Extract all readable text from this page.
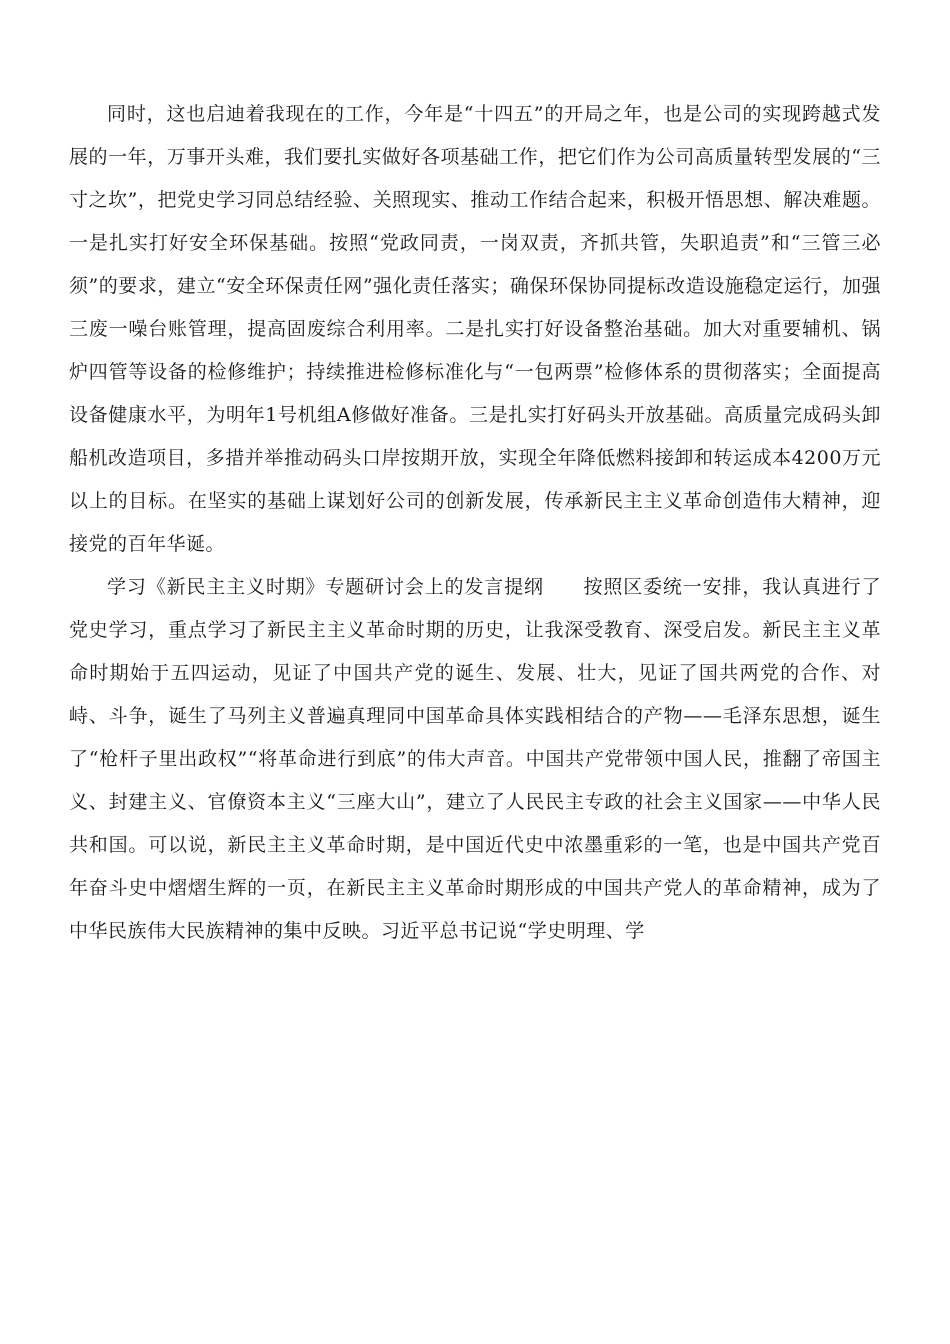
同时，这也启迪着我现在的工作，今年是“十四五”的开局之年，也是公司的实现跨越式发展的一年，万事开头难，我们要扎实做好各项基础工作，把它们作为公司高质量转型发展的“三寸之坎”，把党史学习同总结经验、关照现实、推动工作结合起来，积极开悟思想、解决难题。一是扎实打好安全环保基础。按照“党政同责，一岗双责，齐抓共管，失职追责”和“三管三必须”的要求，建立“安全环保责任网”强化责任落实；确保环保协同提标改造设施稳定运行，加强三废一噪台账管理，提高固废综合利用率。二是扎实打好设备整治基础。加大对重要辅机、锅炉四管等设备的检修维护；持续推进检修标准化与“一包两票”检修体系的贯彻落实；全面提高设备健康水平，为明年1号机组A修做好准备。三是扎实打好码头开放基础。高质量完成码头卸船机改造项目，多措并举推动码头口岸按期开放，实现全年降低燃料接卸和转运成本4200万元以上的目标。在坚实的基础上谋划好公司的创新发展，传承新民主主义革命创造伟大精神，迎接党的百年华诞。

学习《新民主主义时期》专题研讨会上的发言提纲　　按照区委统一安排，我认真进行了党史学习，重点学习了新民主主义革命时期的历史，让我深受教育、深受启发。新民主主义革命时期始于五四运动，见证了中国共产党的诞生、发展、壮大，见证了国共两党的合作、对峙、斗争，诞生了马列主义普遍真理同中国革命具体实践相结合的产物——毛泽东思想，诞生了“枪杆子里出政权”“将革命进行到底”的伟大声音。中国共产党带领中国人民，推翻了帝国主义、封建主义、官僚资本主义“三座大山”，建立了人民民主专政的社会主义国家——中华人民共和国。可以说，新民主主义革命时期，是中国近代史中浓墨重彩的一笔，也是中国共产党百年奋斗史中熠熠生辉的一页，在新民主主义革命时期形成的中国共产党人的革命精神，成为了中华民族伟大民族精神的集中反映。习近平总书记说“学史明理、学
